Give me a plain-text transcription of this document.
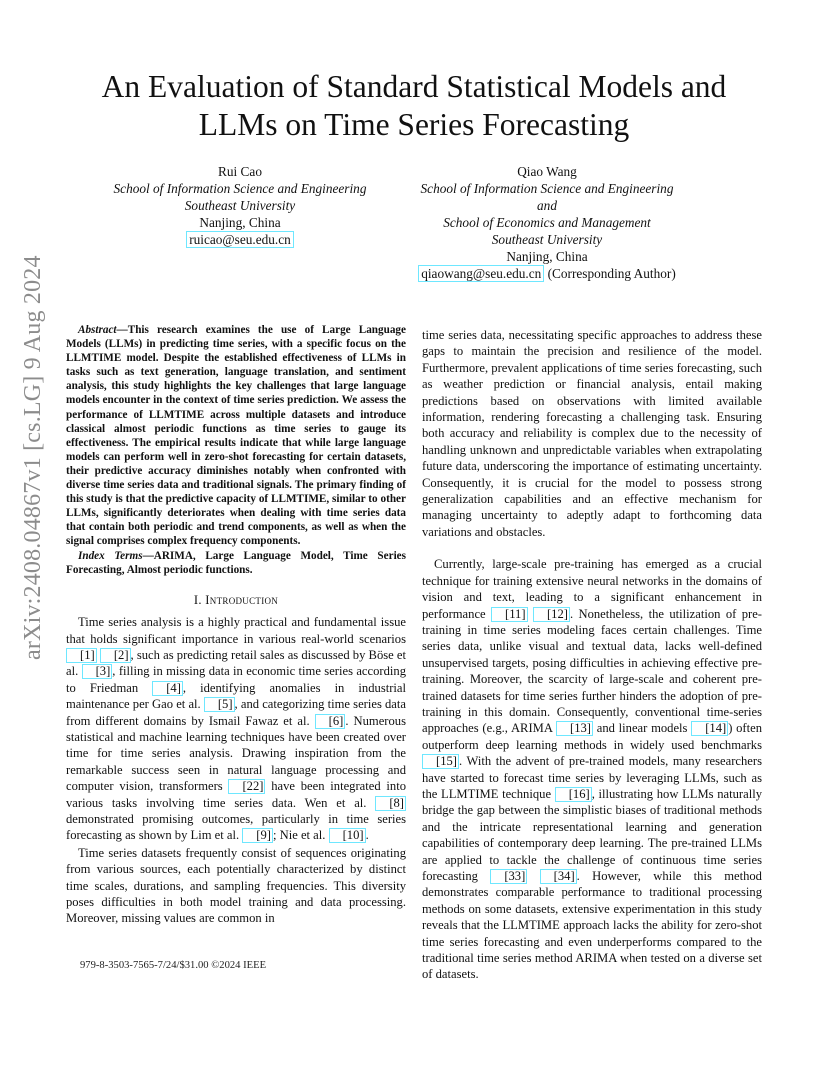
arXiv:2408.04867v1 [cs.LG] 9 Aug 2024
An Evaluation of Standard Statistical Models and
LLMs on Time Series Forecasting
Rui Cao
School of Information Science and Engineering
Southeast University
Nanjing, China
ruicao@seu.edu.cn
Qiao Wang
School of Information Science and Engineering
and
School of Economics and Management
Southeast University
Nanjing, China
qiaowang@seu.edu.cn (Corresponding Author)

Abstract—This research examines the use of Large Language Models (LLMs) in predicting time series, with a specific focus on the LLMTIME model. Despite the established effectiveness of LLMs in tasks such as text generation, language translation, and sentiment analysis, this study highlights the key challenges that large language models encounter in the context of time series prediction. We assess the performance of LLMTIME across multiple datasets and introduce classical almost periodic functions as time series to gauge its effectiveness. The empirical results indicate that while large language models can perform well in zero-shot forecasting for certain datasets, their predictive accuracy diminishes notably when confronted with diverse time series data and traditional signals. The primary finding of this study is that the predictive capacity of LLMTIME, similar to other LLMs, significantly deteriorates when dealing with time series data that contain both periodic and trend components, as well as when the signal comprises complex frequency components.

Index Terms—ARIMA, Large Language Model, Time Series Forecasting, Almost periodic functions.

I. Introduction

Time series analysis is a highly practical and fundamental issue that holds significant importance in various real-world scenarios [1] [2] , such as predicting retail sales as discussed by Böse et al. [3] , filling in missing data in economic time series according to Friedman [4] , identifying anomalies in industrial maintenance per Gao et al. [5] , and categorizing time series data from different domains by Ismail Fawaz et al. [6] . Numerous statistical and machine learning techniques have been created over time for time series analysis. Drawing inspiration from the remarkable success seen in natural language processing and computer vision, transformers [22] have been integrated into various tasks involving time series data. Wen et al. [8] demonstrated promising outcomes, particularly in time series forecasting as shown by Lim et al. [9] ; Nie et al. [10] .

Time series datasets frequently consist of sequences originating from various sources, each potentially characterized by distinct time scales, durations, and sampling frequencies. This diversity poses difficulties in both model training and data processing. Moreover, missing values are common in

time series data, necessitating specific approaches to address these gaps to maintain the precision and resilience of the model. Furthermore, prevalent applications of time series forecasting, such as weather prediction or financial analysis, entail making predictions based on observations with limited available information, rendering forecasting a challenging task. Ensuring both accuracy and reliability is complex due to the necessity of handling unknown and unpredictable variables when extrapolating future data, underscoring the importance of estimating uncertainty. Consequently, it is crucial for the model to possess strong generalization capabilities and an effective mechanism for managing uncertainty to adeptly adapt to forthcoming data variations and obstacles.

Currently, large-scale pre-training has emerged as a crucial technique for training extensive neural networks in the domains of vision and text, leading to a significant enhancement in performance [11] [12] . Nonetheless, the utilization of pre-training in time series modeling faces certain challenges. Time series data, unlike visual and textual data, lacks well-defined unsupervised targets, posing difficulties in achieving effective pre-training. Moreover, the scarcity of large-scale and coherent pre-trained datasets for time series further hinders the adoption of pre-training in this domain. Consequently, conventional time-series approaches (e.g., ARIMA [13] and linear models [14] ) often outperform deep learning methods in widely used benchmarks [15] . With the advent of pre-trained models, many researchers have started to forecast time series by leveraging LLMs, such as the LLMTIME technique [16] , illustrating how LLMs naturally bridge the gap between the simplistic biases of traditional methods and the intricate representational learning and generation capabilities of contemporary deep learning. The pre-trained LLMs are applied to tackle the challenge of continuous time series forecasting [33] [34] . However, while this method demonstrates comparable performance to traditional processing methods on some datasets, extensive experimentation in this study reveals that the LLMTIME approach lacks the ability for zero-shot time series forecasting and even underperforms compared to the traditional time series method ARIMA when tested on a diverse set of datasets.

979-8-3503-7565-7/24/$31.00 ©2024 IEEE
